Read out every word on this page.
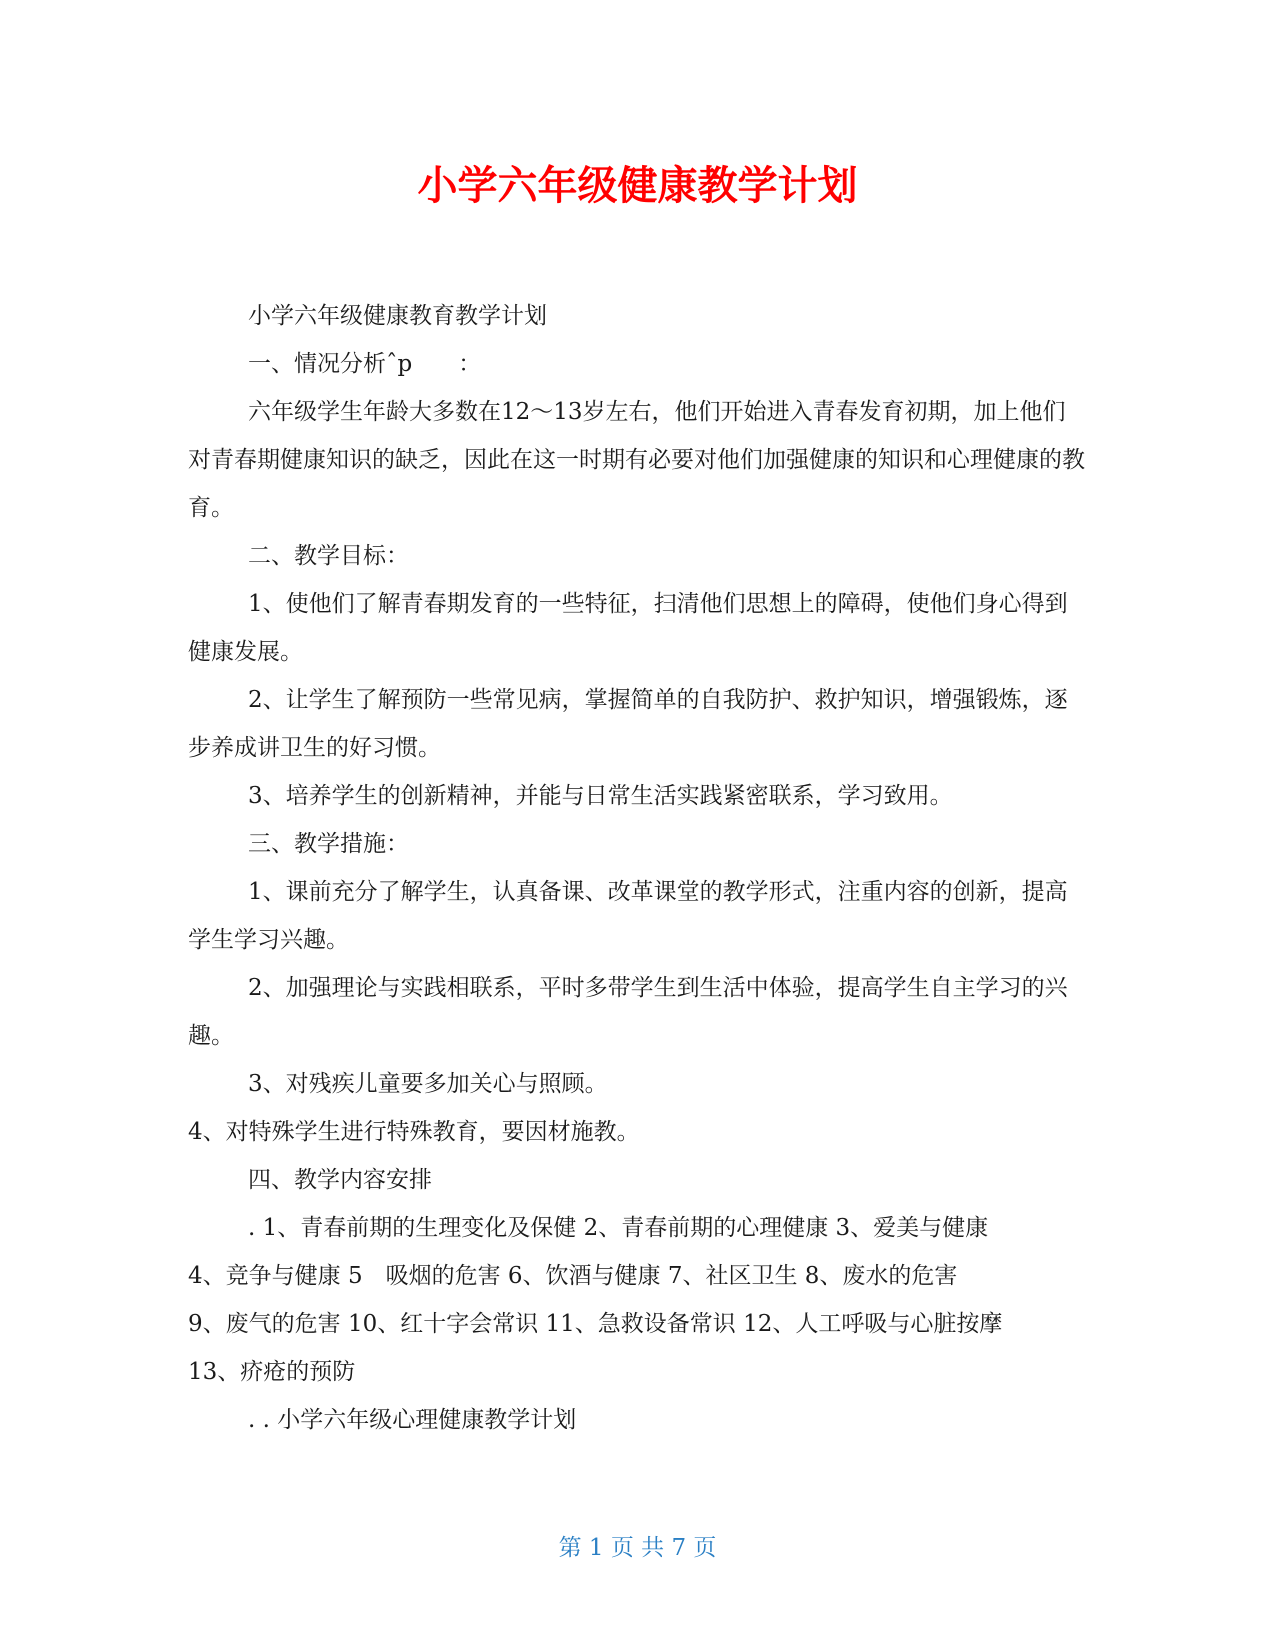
小学六年级健康教学计划

小学六年级健康教育教学计划

一、情况分析ˆp　　：

六年级学生年龄大多数在12～13岁左右，他们开始进入青春发育初期，加上他们对青春期健康知识的缺乏，因此在这一时期有必要对他们加强健康的知识和心理健康的教育。

二、教学目标：

1、使他们了解青春期发育的一些特征，扫清他们思想上的障碍，使他们身心得到健康发展。

2、让学生了解预防一些常见病，掌握简单的自我防护、救护知识，增强锻炼，逐步养成讲卫生的好习惯。

3、培养学生的创新精神，并能与日常生活实践紧密联系，学习致用。

三、教学措施：

1、课前充分了解学生，认真备课、改革课堂的教学形式，注重内容的创新，提高学生学习兴趣。

2、加强理论与实践相联系，平时多带学生到生活中体验，提高学生自主学习的兴趣。

3、对残疾儿童要多加关心与照顾。

4、对特殊学生进行特殊教育，要因材施教。

四、教学内容安排

. 1、青春前期的生理变化及保健 2、青春前期的心理健康 3、爱美与健康

4、竞争与健康 5　吸烟的危害 6、饮酒与健康 7、社区卫生 8、废水的危害

9、废气的危害 10、红十字会常识 11、急救设备常识 12、人工呼吸与心脏按摩

13、疥疮的预防

. . 小学六年级心理健康教学计划

第 1 页 共 7 页
